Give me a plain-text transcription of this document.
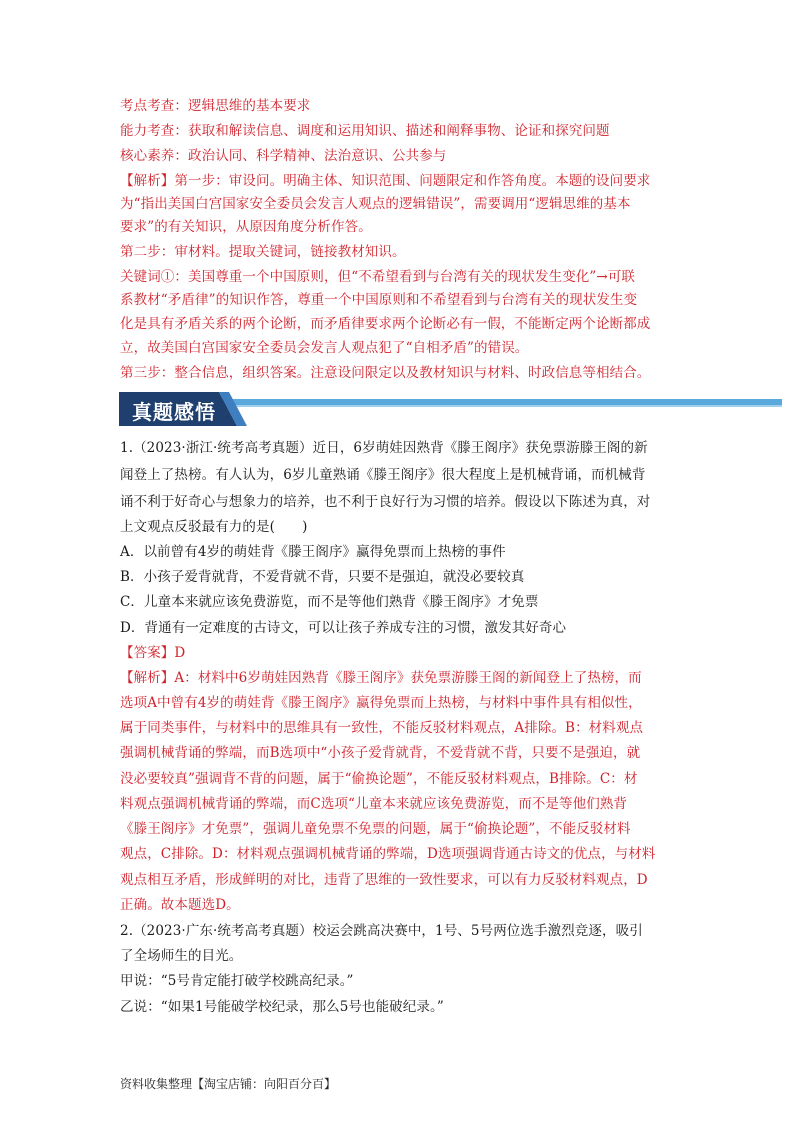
考点考查：逻辑思维的基本要求
能力考查：获取和解读信息、调度和运用知识、描述和阐释事物、论证和探究问题
核心素养：政治认同、科学精神、法治意识、公共参与
【解析】第一步：审设问。明确主体、知识范围、问题限定和作答角度。本题的设问要求
为“指出美国白宫国家安全委员会发言人观点的逻辑错误”，需要调用“逻辑思维的基本
要求”的有关知识，从原因角度分析作答。
第二步：审材料。提取关键词，链接教材知识。
关键词①：美国尊重一个中国原则，但“不希望看到与台湾有关的现状发生变化”→可联
系教材“矛盾律”的知识作答，尊重一个中国原则和不希望看到与台湾有关的现状发生变
化是具有矛盾关系的两个论断，而矛盾律要求两个论断必有一假，不能断定两个论断都成
立，故美国白宫国家安全委员会发言人观点犯了“自相矛盾”的错误。
第三步：整合信息，组织答案。注意设问限定以及教材知识与材料、时政信息等相结合。
真题感悟
1.（2023·浙江·统考高考真题）近日，6岁萌娃因熟背《滕王阁序》获免票游滕王阁的新
闻登上了热榜。有人认为，6岁儿童熟诵《滕王阁序》很大程度上是机械背诵，而机械背
诵不利于好奇心与想象力的培养，也不利于良好行为习惯的培养。假设以下陈述为真，对
上文观点反驳最有力的是(　　)
A．以前曾有4岁的萌娃背《滕王阁序》赢得免票而上热榜的事件
B．小孩子爱背就背，不爱背就不背，只要不是强迫，就没必要较真
C．儿童本来就应该免费游览，而不是等他们熟背《滕王阁序》才免票
D．背通有一定难度的古诗文，可以让孩子养成专注的习惯，激发其好奇心
【答案】D
【解析】A：材料中6岁萌娃因熟背《滕王阁序》获免票游滕王阁的新闻登上了热榜，而
选项A中曾有4岁的萌娃背《滕王阁序》赢得免票而上热榜，与材料中事件具有相似性，
属于同类事件，与材料中的思维具有一致性，不能反驳材料观点，A排除。B：材料观点
强调机械背诵的弊端，而B选项中“小孩子爱背就背，不爱背就不背，只要不是强迫，就
没必要较真”强调背不背的问题，属于“偷换论题”，不能反驳材料观点，B排除。C：材
料观点强调机械背诵的弊端，而C选项“儿童本来就应该免费游览，而不是等他们熟背
《滕王阁序》才免票”，强调儿童免票不免票的问题，属于“偷换论题”，不能反驳材料
观点，C排除。D：材料观点强调机械背诵的弊端，D选项强调背通古诗文的优点，与材料
观点相互矛盾，形成鲜明的对比，违背了思维的一致性要求，可以有力反驳材料观点，D
正确。故本题选D。
2.（2023·广东·统考高考真题）校运会跳高决赛中，1号、5号两位选手激烈竞逐，吸引
了全场师生的目光。
甲说：“5号肯定能打破学校跳高纪录。”
乙说：“如果1号能破学校纪录，那么5号也能破纪录。”
资料收集整理【淘宝店铺：向阳百分百】
